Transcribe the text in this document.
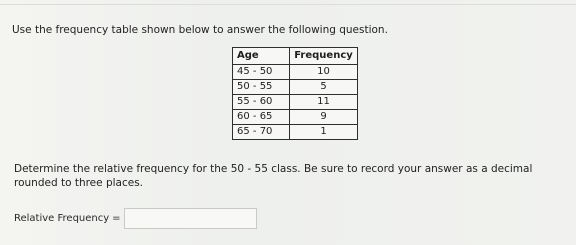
Use the frequency table shown below to answer the following question.
Age	Frequency
45 - 50	10
50 - 55	5
55 - 60	11
60 - 65	9
65 - 70	1
Determine the relative frequency for the 50 - 55 class. Be sure to record your answer as a decimal rounded to three places.
Relative Frequency =
